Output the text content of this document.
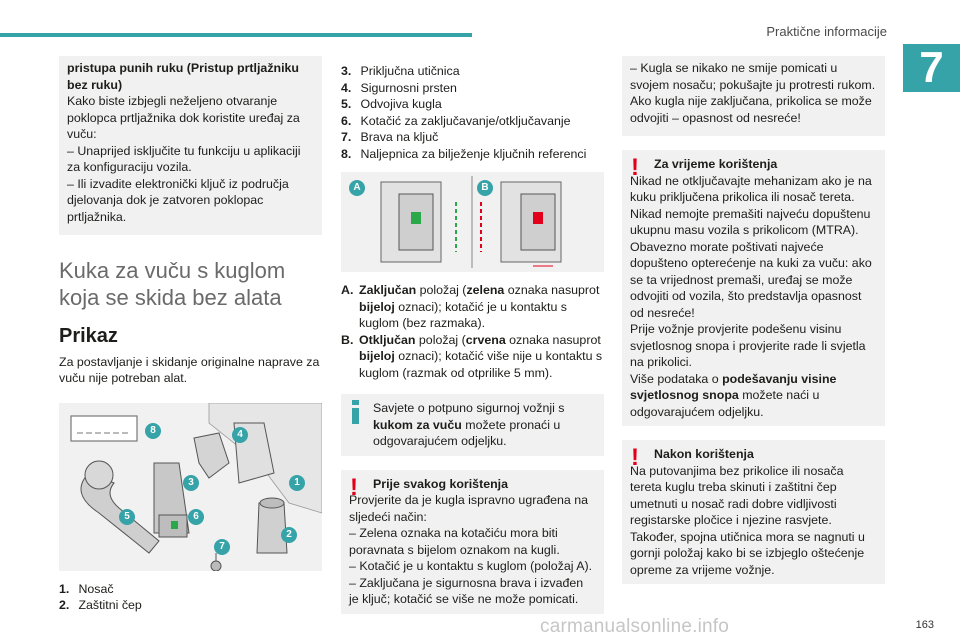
Praktične informacije
7

pristupa punih ruku (Pristup prtljažniku bez ruku)

Kako biste izbjegli neželjeno otvaranje poklopca prtljažnika dok koristite uređaj za vuču:

– Unaprijed isključite tu funkciju u aplikaciji za konfiguraciju vozila.

– Ili izvadite elektronički ključ iz područja djelovanja dok je zatvoren poklopac prtljažnika.

Kuka za vuču s kuglom koja se skida bez alata
Prikaz

Za postavljanje i skidanje originalne naprave za vuču nije potreban alat.

8	4
3	1
5	6
2
7
1. Nosač
2. Zaštitni čep
3. Priključna utičnica
4. Sigurnosni prsten
5. Odvojiva kugla
6. Kotačić za zaključavanje/otključavanje
7. Brava na ključ
8. Naljepnica za bilježenje ključnih referenci
A	B
A. Zaključan položaj (zelena oznaka nasuprot bijeloj oznaci); kotačić je u kontaktu s kuglom (bez razmaka).
B. Otključan položaj (crvena oznaka nasuprot bijeloj oznaci); kotačić više nije u kontaktu s kuglom (razmak od otprilike 5 mm).
Savjete o potpuno sigurnoj vožnji s kukom za vuču možete pronaći u odgovarajućem odjeljku.
! Prije svakog korištenja

Provjerite da je kugla ispravno ugrađena na sljedeći način:

– Zelena oznaka na kotačiću mora biti poravnata s bijelom oznakom na kugli.

– Kotačić je u kontaktu s kuglom (položaj A).

– Zaključana je sigurnosna brava i izvađen je ključ; kotačić se više ne može pomicati.

– Kugla se nikako ne smije pomicati u svojem nosaču; pokušajte ju protresti rukom.

Ako kugla nije zaključana, prikolica se može odvojiti – opasnost od nesreće!

! Za vrijeme korištenja

Nikad ne otključavajte mehanizam ako je na kuku priključena prikolica ili nosač tereta. Nikad nemojte premašiti najveću dopuštenu ukupnu masu vozila s prikolicom (MTRA). Obavezno morate poštivati najveće dopušteno opterećenje na kuki za vuču: ako se ta vrijednost premaši, uređaj se može odvojiti od vozila, što predstavlja opasnost od nesreće!

Prije vožnje provjerite podešenu visinu svjetlosnog snopa i provjerite rade li svjetla na prikolici.

Više podataka o podešavanju visine svjetlosnog snopa možete naći u odgovarajućem odjeljku.

! Nakon korištenja

Na putovanjima bez prikolice ili nosača tereta kuglu treba skinuti i zaštitni čep umetnuti u nosač radi dobre vidljivosti registarske pločice i njezine rasvjete. Također, spojna utičnica mora se nagnuti u gornji položaj kako bi se izbjeglo oštećenje opreme za vrijeme vožnje.

carmanualsonline.info	163
